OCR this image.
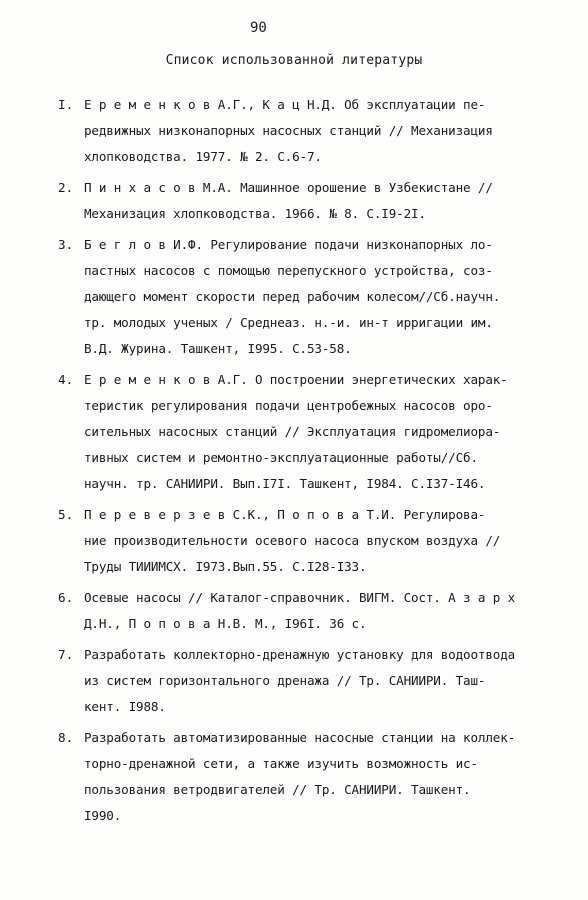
90
Список использованной литературы
I. Е р е м е н к о в А.Г., К а ц Н.Д. Об эксплуатации пе-
редвижных низконапорных насосных станций // Механизация
хлопководства. 1977. № 2. С.6-7.
2. П и н х а с о в М.А. Машинное орошение в Узбекистане //
Механизация хлопководства. 1966. № 8. С.I9-2I.
3. Б е г л о в И.Ф. Регулирование подачи низконапорных ло-
пастных насосов с помощью перепускного устройства, соз-
дающего момент скорости перед рабочим колесом//Сб.научн.
тр. молодых ученых / Среднеаз. н.-и. ин-т ирригации им.
В.Д. Журина. Ташкент, I995. С.53-58.
4. Е р е м е н к о в А.Г. О построении энергетических харак-
теристик регулирования подачи центробежных насосов оро-
сительных насосных станций // Эксплуатация гидромелиора-
тивных систем и ремонтно-эксплуатационные работы//Сб.
научн. тр. САНИИРИ. Вып.I7I. Ташкент, I984. С.I37-I46.
5. П е р е в е р з е в С.К., П о п о в а Т.И. Регулирова-
ние производительности осевого насоса впуском воздуха //
Труды ТИИИМСХ. I973.Вып.55. С.I28-I33.
6. Осевые насосы // Каталог-справочник. ВИГМ. Сост. А з а р х
Д.Н., П о п о в а Н.В. М., I96I. 36 с.
7. Разработать коллекторно-дренажную установку для водоотвода
из систем горизонтального дренажа // Тр. САНИИРИ. Таш-
кент. I988.
8. Разработать автоматизированные насосные станции на коллек-
торно-дренажной сети, а также изучить возможность ис-
пользования ветродвигателей // Тр. САНИИРИ. Ташкент.
I990.
